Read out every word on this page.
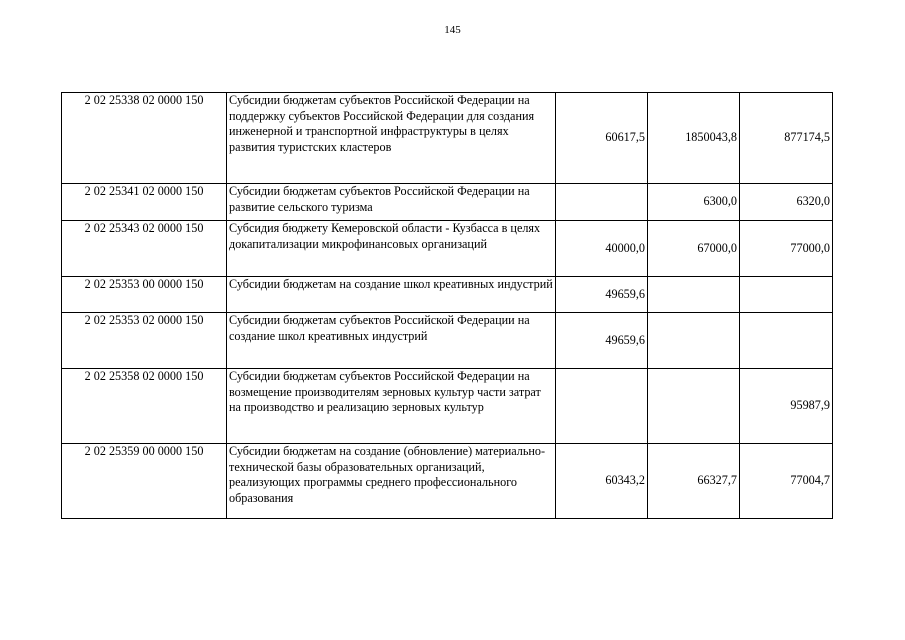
145
2 02 25338 02 0000 150	Субсидии бюджетам субъектов Российской Федерации на поддержку субъектов Российской Федерации для создания инженерной и транспортной инфраструктуры в целях развития туристских кластеров	60617,5	1850043,8	877174,5
2 02 25341 02 0000 150	Субсидии бюджетам субъектов Российской Федерации на развитие сельского туризма		6300,0	6320,0
2 02 25343 02 0000 150	Субсидия бюджету Кемеровской области - Кузбасса в целях докапитализации микрофинансовых организаций	40000,0	67000,0	77000,0
2 02 25353 00 0000 150	Субсидии бюджетам на создание школ креативных индустрий	49659,6		
2 02 25353 02 0000 150	Субсидии бюджетам субъектов Российской Федерации на создание школ креативных индустрий	49659,6		
2 02 25358 02 0000 150	Субсидии бюджетам субъектов Российской Федерации на возмещение производителям зерновых культур части затрат на производство и реализацию зерновых культур			95987,9
2 02 25359 00 0000 150	Субсидии бюджетам на создание (обновление) материально-технической базы образовательных организаций, реализующих программы среднего профессионального образования	60343,2	66327,7	77004,7
